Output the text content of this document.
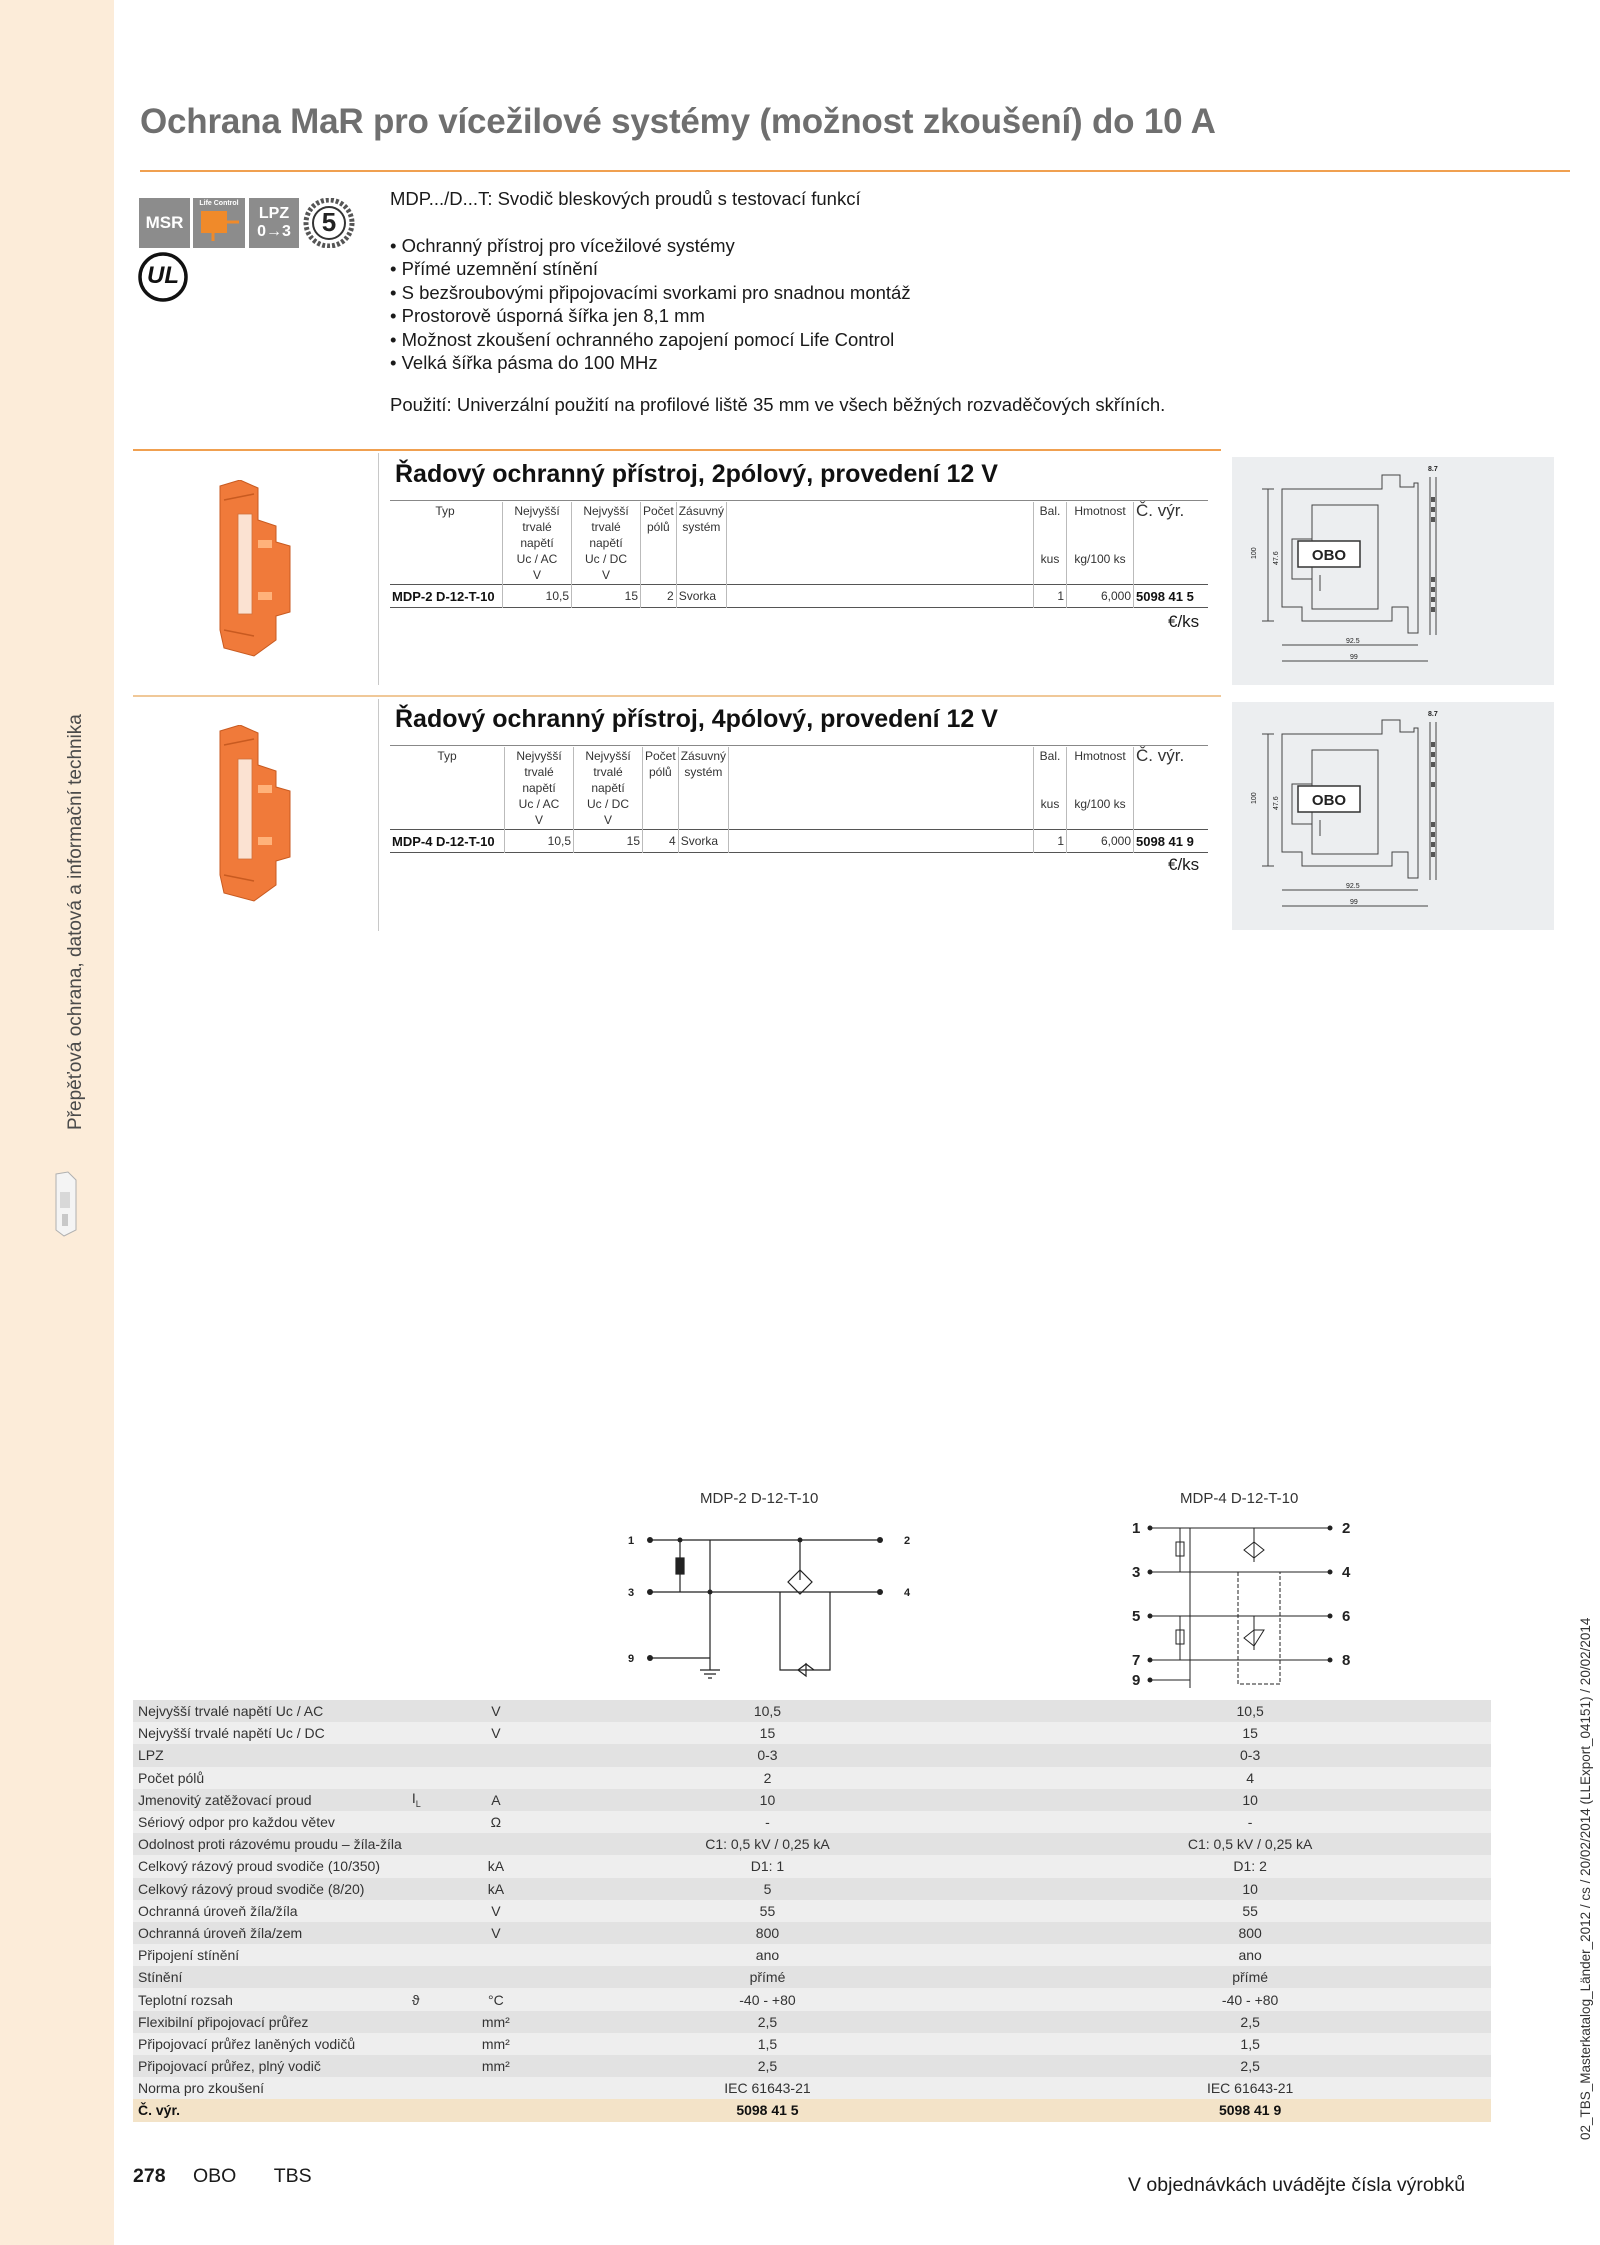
Přepěťová ochrana, datová a informační technika
02_TBS_Masterkatalog_Länder_2012 / cs / 20/02/2014 (LLExport_04151) / 20/02/2014
Ochrana MaR pro vícežilové systémy (možnost zkoušení) do 10 A
MSR
Life Control
LPZ
0→3	5
UL

MDP.../D...T: Svodič bleskových proudů s testovací funkcí

• Ochranný přístroj pro vícežilové systémy

• Přímé uzemnění stínění

• S bezšroubovými připojovacími svorkami pro snadnou montáž

• Prostorově úsporná šířka jen 8,1 mm

• Možnost zkoušení ochranného zapojení pomocí Life Control

• Velká šířka pásma do 100 MHz

Použití: Univerzální použití na profilové liště 35 mm ve všech běžných rozvaděčových skříních.

Řadový ochranný přístroj, 2pólový, provedení 12 V
Typ	Nejvyšší
trvalé napětí
Uc / AC
V	Nejvyšší
trvalé napětí
Uc / DC
V	Počet
pólů	Zásuvný
systém		Bal.

kus	Hmotnost

kg/100 ks	Č. výr.
MDP-2 D-12-T-10	10,5	15	2	Svorka		1	6,000	5098 41 5
€/ks
OBO
100 47.6
8.7
92.5
99
Řadový ochranný přístroj, 4pólový, provedení 12 V
Typ	Nejvyšší
trvalé napětí
Uc / AC
V	Nejvyšší
trvalé napětí
Uc / DC
V	Počet
pólů	Zásuvný
systém		Bal.

kus	Hmotnost

kg/100 ks	Č. výr.
MDP-4 D-12-T-10	10,5	15	4	Svorka		1	6,000	5098 41 9
€/ks
OBO
100 47.6
8.7
92.5
99
MDP-2 D-12-T-10
1	2
3	4
9
MDP-4 D-12-T-10
1	2
3	4
5	6
7	8
9
Nejvyšší trvalé napětí Uc / AC		V	10,5	10,5
Nejvyšší trvalé napětí Uc / DC		V	15	15
LPZ			0-3	0-3
Počet pólů			2	4
Jmenovitý zatěžovací proud	$I_L$	A	10	10
Sériový odpor pro každou větev		Ω	-	-
Odolnost proti rázovému proudu – žíla-žíla			C1: 0,5 kV / 0,25 kA	C1: 0,5 kV / 0,25 kA
Celkový rázový proud svodiče (10/350)		kA	D1: 1	D1: 2
Celkový rázový proud svodiče (8/20)		kA	5	10
Ochranná úroveň žíla/žíla		V	55	55
Ochranná úroveň žíla/zem		V	800	800
Připojení stínění			ano	ano
Stínění			přímé	přímé
Teplotní rozsah	ϑ	°C	-40 - +80	-40 - +80
Flexibilní připojovací průřez		mm²	2,5	2,5
Připojovací průřez laněných vodičů		mm²	1,5	1,5
Připojovací průřez, plný vodič		mm²	2,5	2,5
Norma pro zkoušení			IEC 61643-21	IEC 61643-21
Č. výr.			5098 41 5	5098 41 9
278 OBO TBS	V objednávkách uvádějte čísla výrobků
